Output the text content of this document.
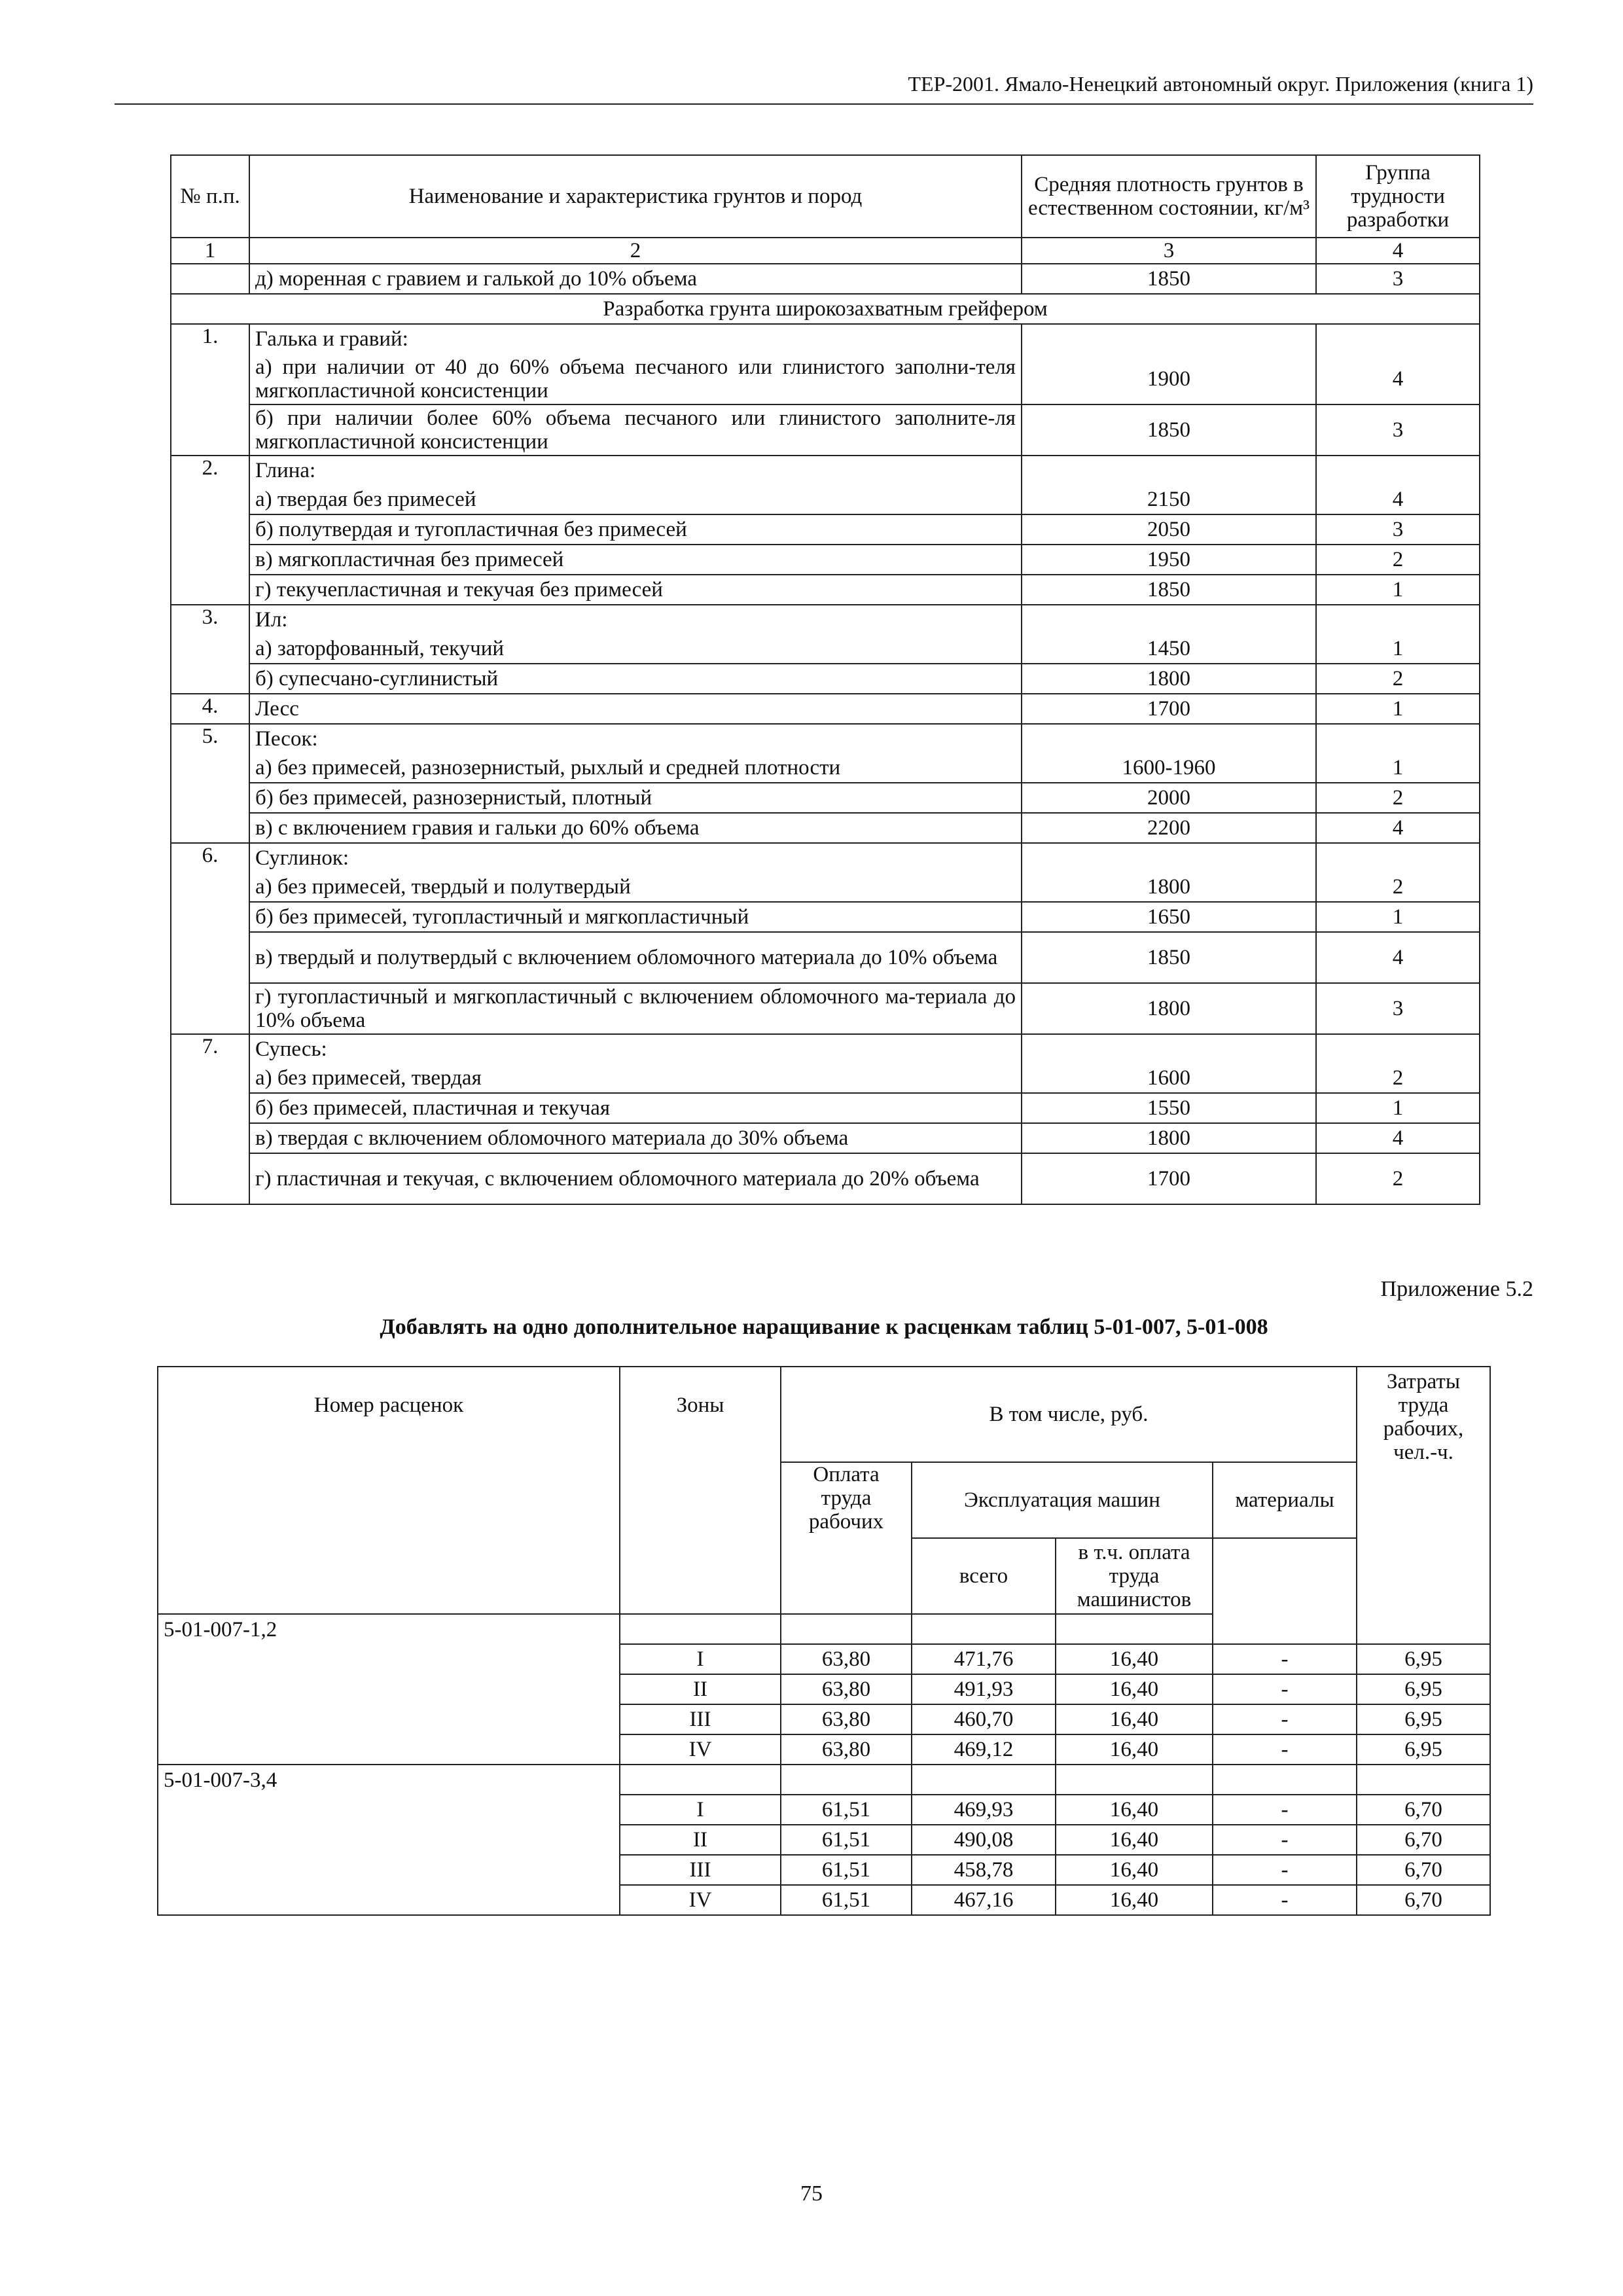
ТЕР-2001. Ямало-Ненецкий автономный округ. Приложения (книга 1)
№ п.п.	Наименование и характеристика грунтов и пород	Средняя плотность грунтов в естественном состоянии, кг/м³	Группа трудности разработки
1	2	3	4
	д) моренная с гравием и галькой до 10% объема	1850	3
Разработка грунта широкозахватным грейфером			
1.	Галька и гравий:		
	а) при наличии от 40 до 60% объема песчаного или глинистого заполни-теля мягкопластичной консистенции	1900	4
	б) при наличии более 60% объема песчаного или глинистого заполните-ля мягкопластичной консистенции	1850	3
2.	Глина:		
	а) твердая без примесей	2150	4
	б) полутвердая и тугопластичная без примесей	2050	3
	в) мягкопластичная без примесей	1950	2
	г) текучепластичная и текучая без примесей	1850	1
3.	Ил:		
	а) заторфованный, текучий	1450	1
	б) супесчано-суглинистый	1800	2
4.	Лесс	1700	1
5.	Песок:		
	а) без примесей, разнозернистый, рыхлый и средней плотности	1600-1960	1
	б) без примесей, разнозернистый, плотный	2000	2
	в) с включением гравия и гальки до 60% объема	2200	4
6.	Суглинок:		
	а) без примесей, твердый и полутвердый	1800	2
	б) без примесей, тугопластичный и мягкопластичный	1650	1
	в) твердый и полутвердый с включением обломочного материала до 10% объема	1850	4
	г) тугопластичный и мягкопластичный с включением обломочного ма-териала до 10% объема	1800	3
7.	Супесь:		
	а) без примесей, твердая	1600	2
	б) без примесей, пластичная и текучая	1550	1
	в) твердая с включением обломочного материала до 30% объема	1800	4
	г) пластичная и текучая, с включением обломочного материала до 20% объема	1700	2
Приложение 5.2
Добавлять на одно дополнительное наращивание к расценкам таблиц 5-01-007, 5-01-008
Номер расценок	Зоны	В том числе, руб.				Затраты труда рабочих, чел.-ч.
		Оплата труда рабочих	Эксплуатация машин		материалы	
			всего	в т.ч. оплата труда машинистов		
5-01-007-1,2						
	I	63,80	471,76	16,40	-	6,95
	II	63,80	491,93	16,40	-	6,95
	III	63,80	460,70	16,40	-	6,95
	IV	63,80	469,12	16,40	-	6,95
5-01-007-3,4						
	I	61,51	469,93	16,40	-	6,70
	II	61,51	490,08	16,40	-	6,70
	III	61,51	458,78	16,40	-	6,70
	IV	61,51	467,16	16,40	-	6,70
75
